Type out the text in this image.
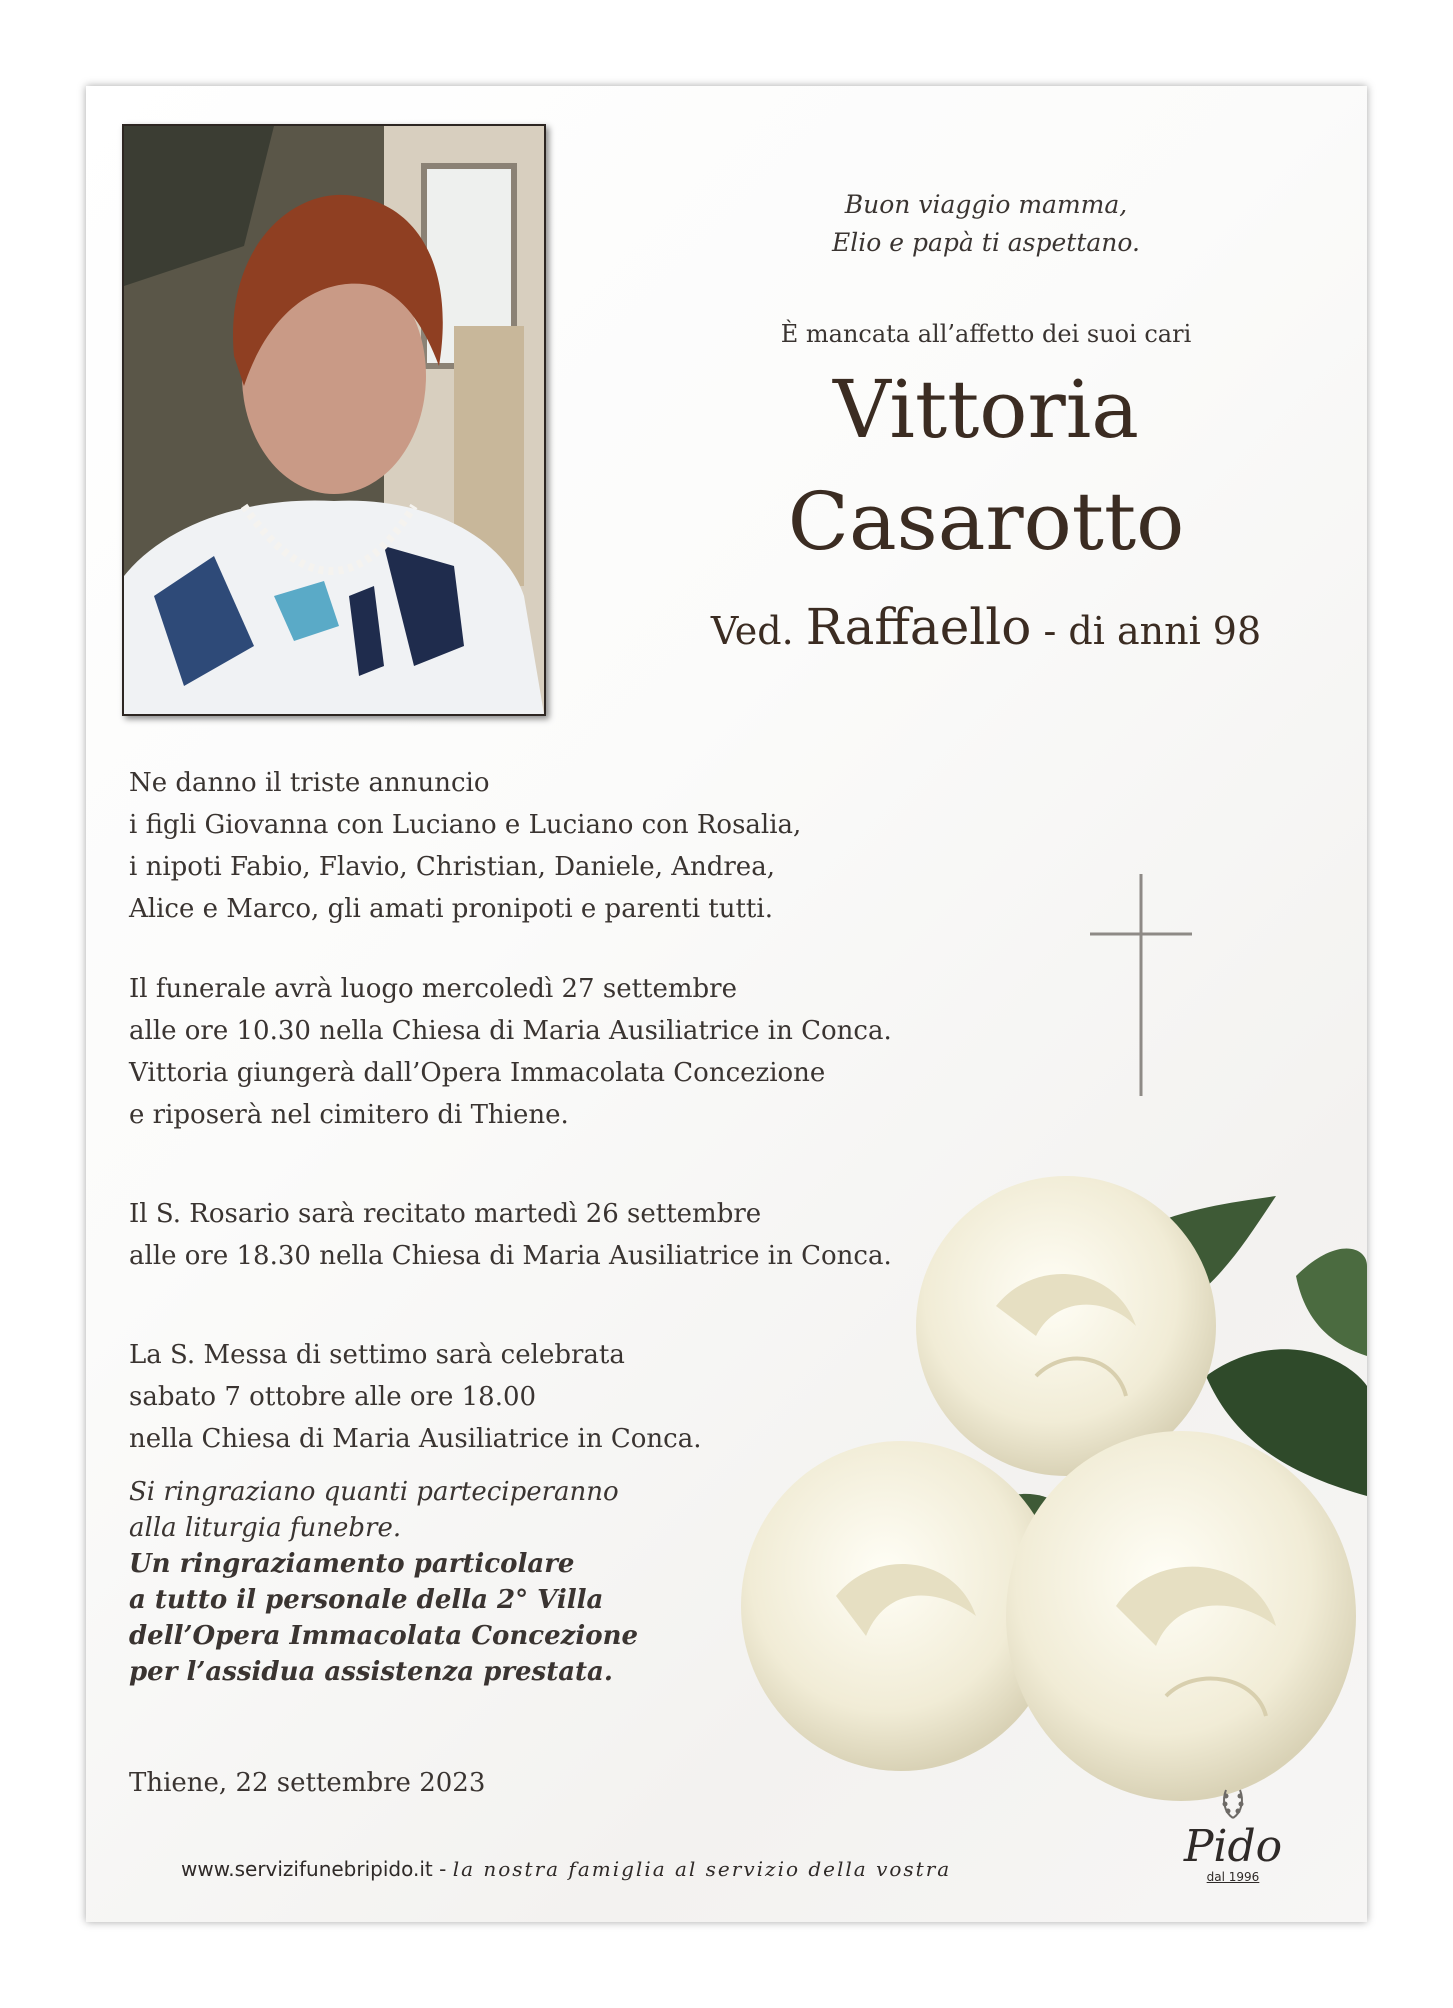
Buon viaggio mamma,
Elio e papà ti aspettano.
È mancata all’affetto dei suoi cari
Vittoria
Casarotto
Ved. Raffaello - di anni 98

Ne danno il triste annuncio

i figli Giovanna con Luciano e Luciano con Rosalia,

i nipoti Fabio, Flavio, Christian, Daniele, Andrea,

Alice e Marco, gli amati pronipoti e parenti tutti.

Il funerale avrà luogo mercoledì 27 settembre

alle ore 10.30 nella Chiesa di Maria Ausiliatrice in Conca.

Vittoria giungerà dall’Opera Immacolata Concezione

e riposerà nel cimitero di Thiene.

Il S. Rosario sarà recitato martedì 26 settembre

alle ore 18.30 nella Chiesa di Maria Ausiliatrice in Conca.

La S. Messa di settimo sarà celebrata

sabato 7 ottobre alle ore 18.00

nella Chiesa di Maria Ausiliatrice in Conca.

Si ringraziano quanti parteciperanno

alla liturgia funebre.

Un ringraziamento particolare

a tutto il personale della 2° Villa

dell’Opera Immacolata Concezione

per l’assidua assistenza prestata.

Thiene, 22 settembre 2023
www.servizifunebripido.it - la nostra famiglia al servizio della vostra	Pido
dal 1996
